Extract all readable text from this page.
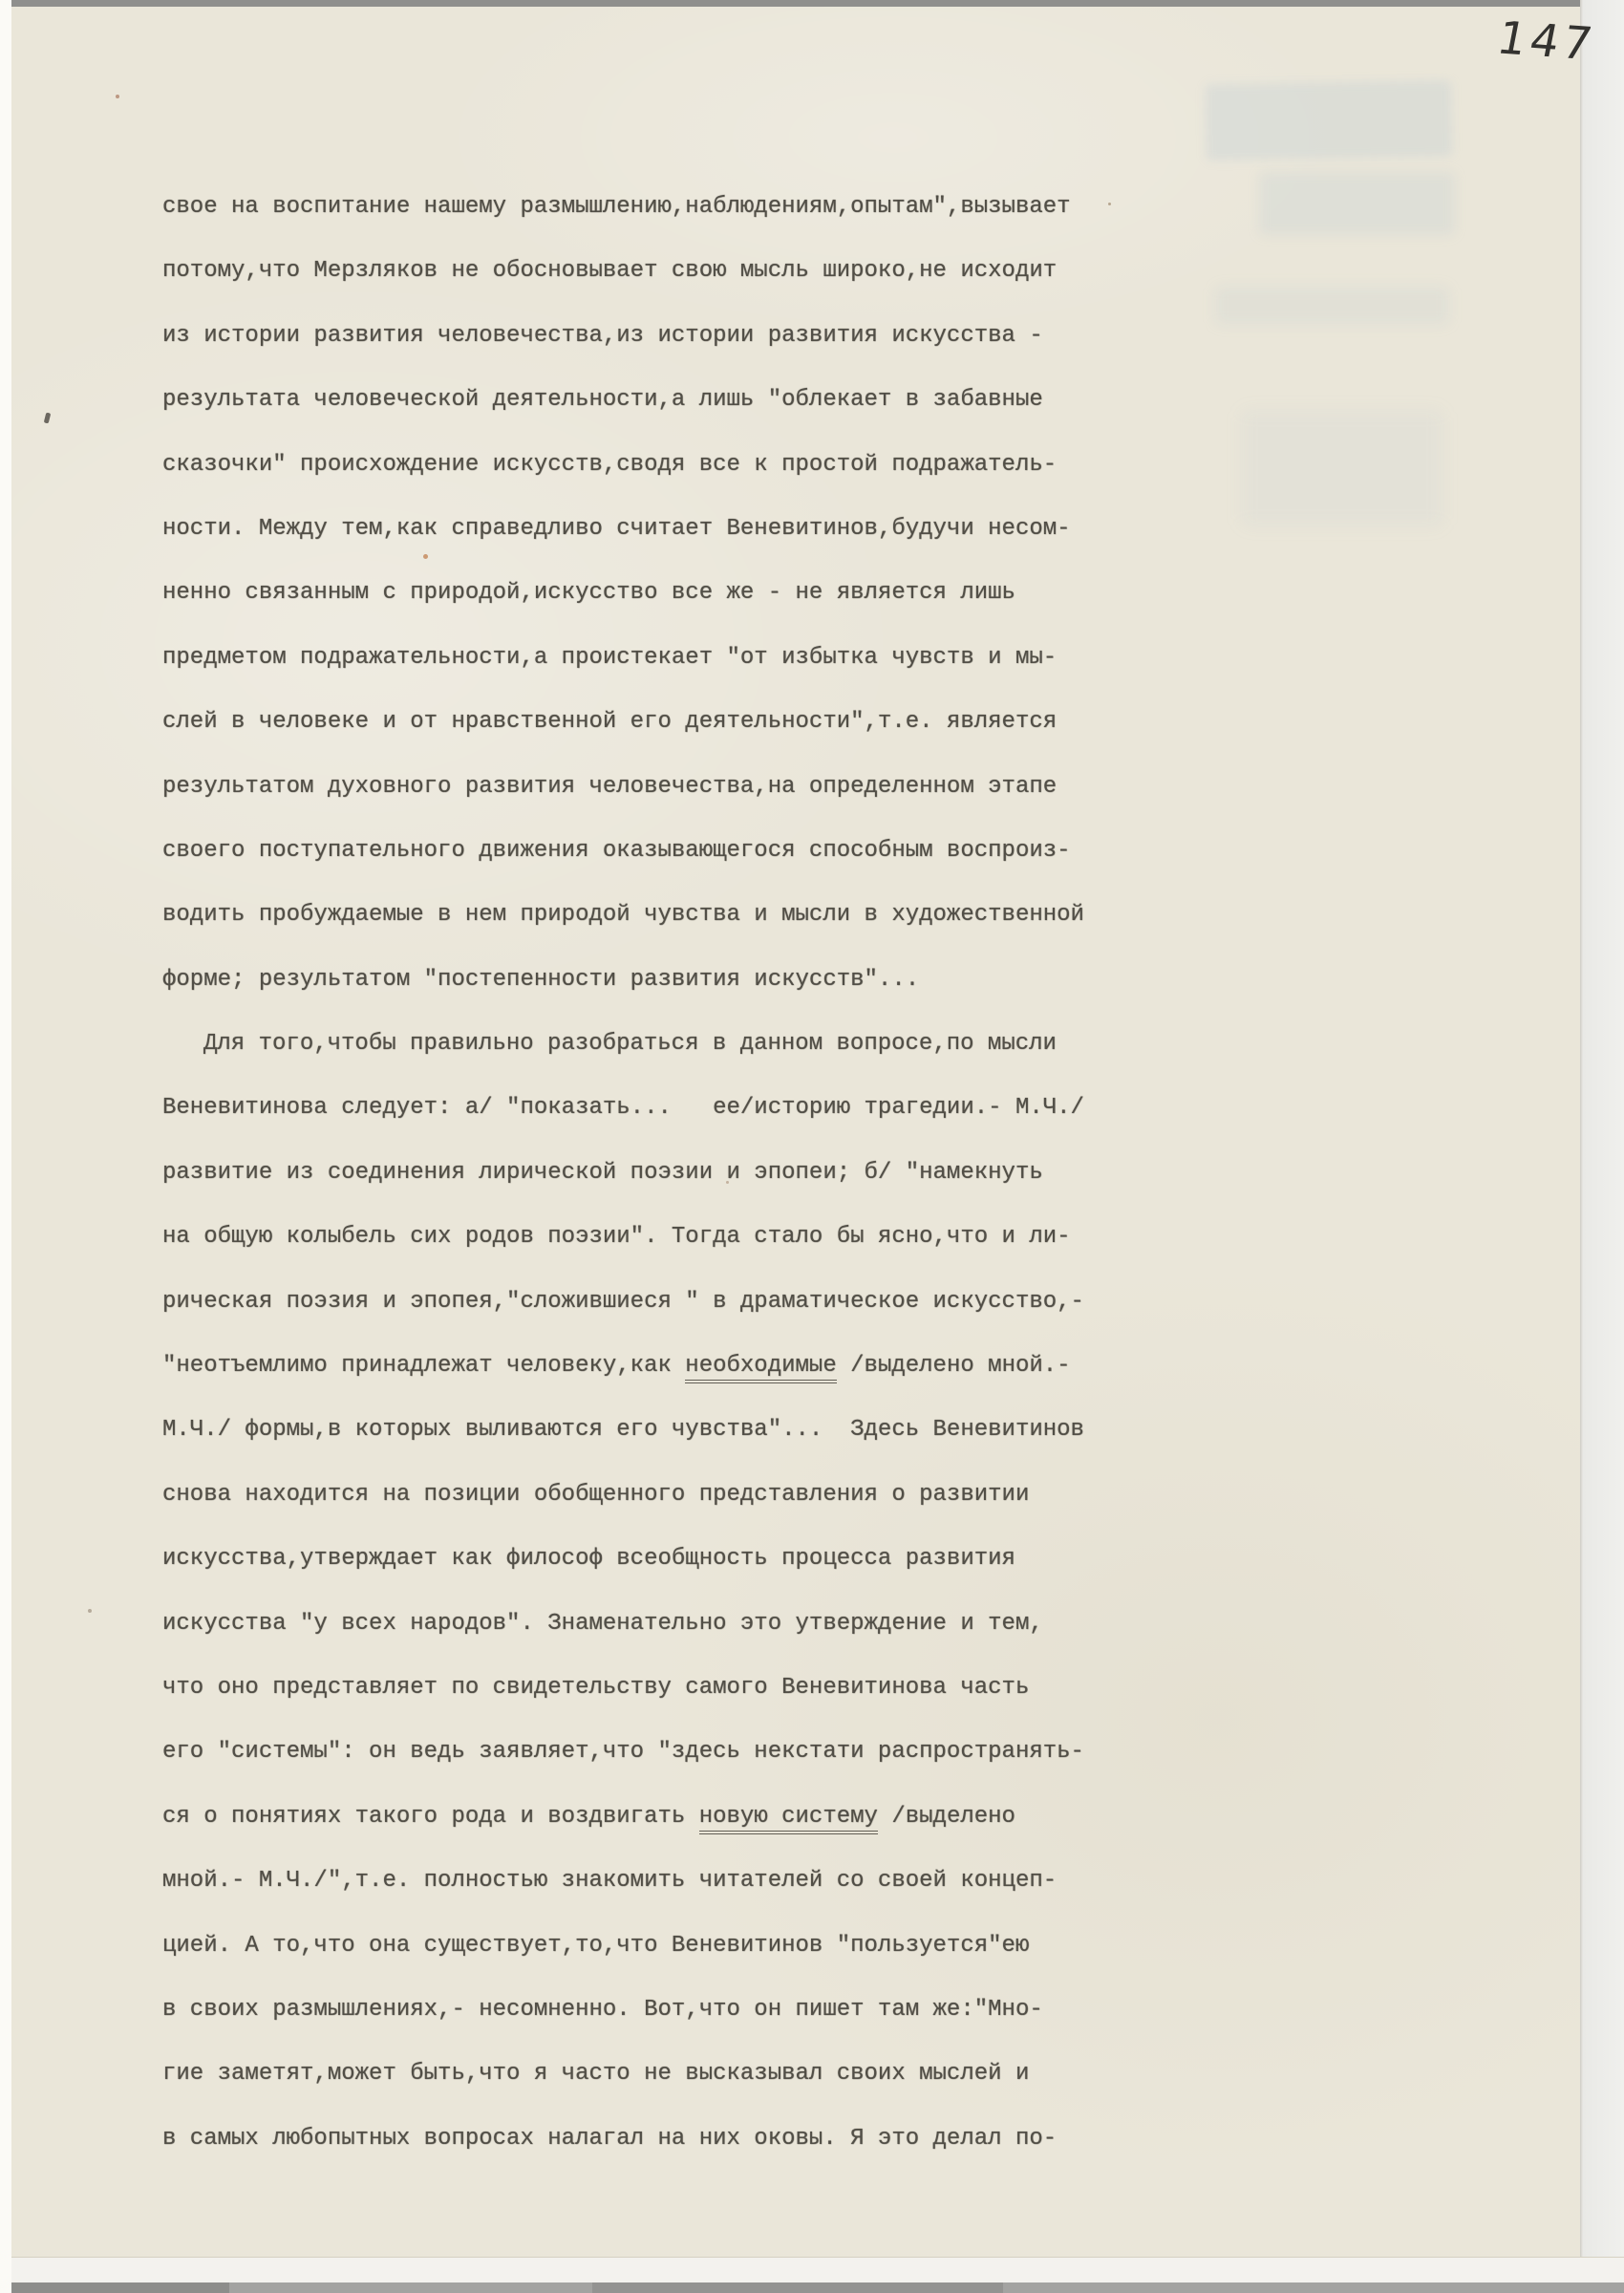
147
свое на воспитание нашему размышлению,наблюдениям,опытам",вызывает
потому,что Мерзляков не обосновывает свою мысль широко,не исходит
из истории развития человечества,из истории развития искусства -
результата человеческой деятельности,а лишь "облекает в забавные
сказочки" происхождение искусств,сводя все к простой подражатель-
ности. Между тем,как справедливо считает Веневитинов,будучи несом-
ненно связанным с природой,искусство все же - не является лишь
предметом подражательности,а проистекает "от избытка чувств и мы-
слей в человеке и от нравственной его деятельности",т.е. является
результатом духовного развития человечества,на определенном этапе
своего поступательного движения оказывающегося способным воспроиз-
водить пробуждаемые в нем природой чувства и мысли в художественной
форме; результатом "постепенности развития искусств"...
Для того,чтобы правильно разобраться в данном вопросе,по мысли
Веневитинова следует: а/ "показать...   ее/историю трагедии.- М.Ч./
развитие из соединения лирической поэзии и эпопеи; б/ "намекнуть
на общую колыбель сих родов поэзии". Тогда стало бы ясно,что и ли-
рическая поэзия и эпопея,"сложившиеся " в драматическое искусство,-
"неотъемлимо принадлежат человеку,как необходимые /выделено мной.-
М.Ч./ формы,в которых выливаются его чувства"...  Здесь Веневитинов
снова находится на позиции обобщенного представления о развитии
искусства,утверждает как философ всеобщность процесса развития
искусства "у всех народов". Знаменательно это утверждение и тем,
что оно представляет по свидетельству самого Веневитинова часть
его "системы": он ведь заявляет,что "здесь некстати распространять-
ся о понятиях такого рода и воздвигать новую систему /выделено
мной.- М.Ч./",т.е. полностью знакомить читателей со своей концеп-
цией. А то,что она существует,то,что Веневитинов "пользуется"ею
в своих размышлениях,- несомненно. Вот,что он пишет там же:"Мно-
гие заметят,может быть,что я часто не высказывал своих мыслей и
в самых любопытных вопросах налагал на них оковы. Я это делал по-
